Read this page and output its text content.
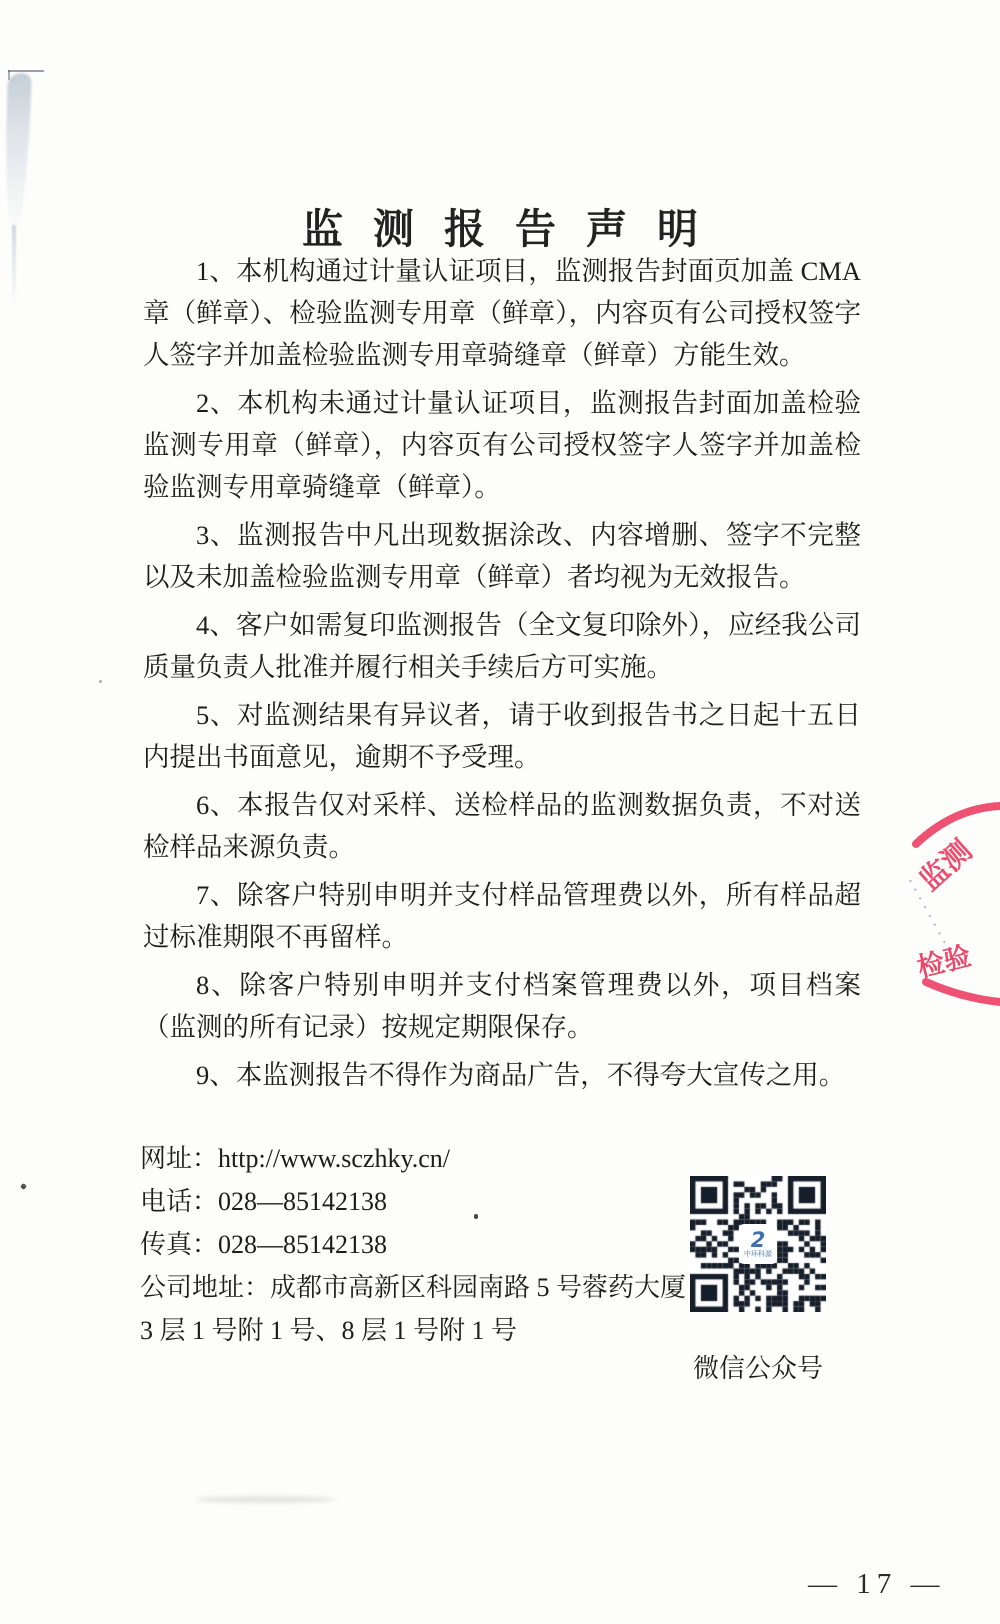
监测报告声明

1、本机构通过计量认证项目，监测报告封面页加盖 CMA 章（鲜章）、检验监测专用章（鲜章），内容页有公司授权签字人签字并加盖检验监测专用章骑缝章（鲜章）方能生效。

2、本机构未通过计量认证项目，监测报告封面加盖检验监测专用章（鲜章），内容页有公司授权签字人签字并加盖检验监测专用章骑缝章（鲜章）。

3、监测报告中凡出现数据涂改、内容增删、签字不完整以及未加盖检验监测专用章（鲜章）者均视为无效报告。

4、客户如需复印监测报告（全文复印除外），应经我公司质量负责人批准并履行相关手续后方可实施。

5、对监测结果有异议者，请于收到报告书之日起十五日内提出书面意见，逾期不予受理。

6、本报告仅对采样、送检样品的监测数据负责，不对送检样品来源负责。

7、除客户特别申明并支付样品管理费以外，所有样品超过标准期限不再留样。

8、除客户特别申明并支付档案管理费以外，项目档案（监测的所有记录）按规定期限保存。

9、本监测报告不得作为商品广告，不得夸大宣传之用。

网址：http://www.sczhky.cn/
电话：028—85142138
传真：028—85142138
公司地址：成都市高新区科园南路 5 号蓉药大厦
3 层 1 号附 1 号、8 层 1 号附 1 号
2
中环科源
微信公众号
监测
检验
— 17 —
